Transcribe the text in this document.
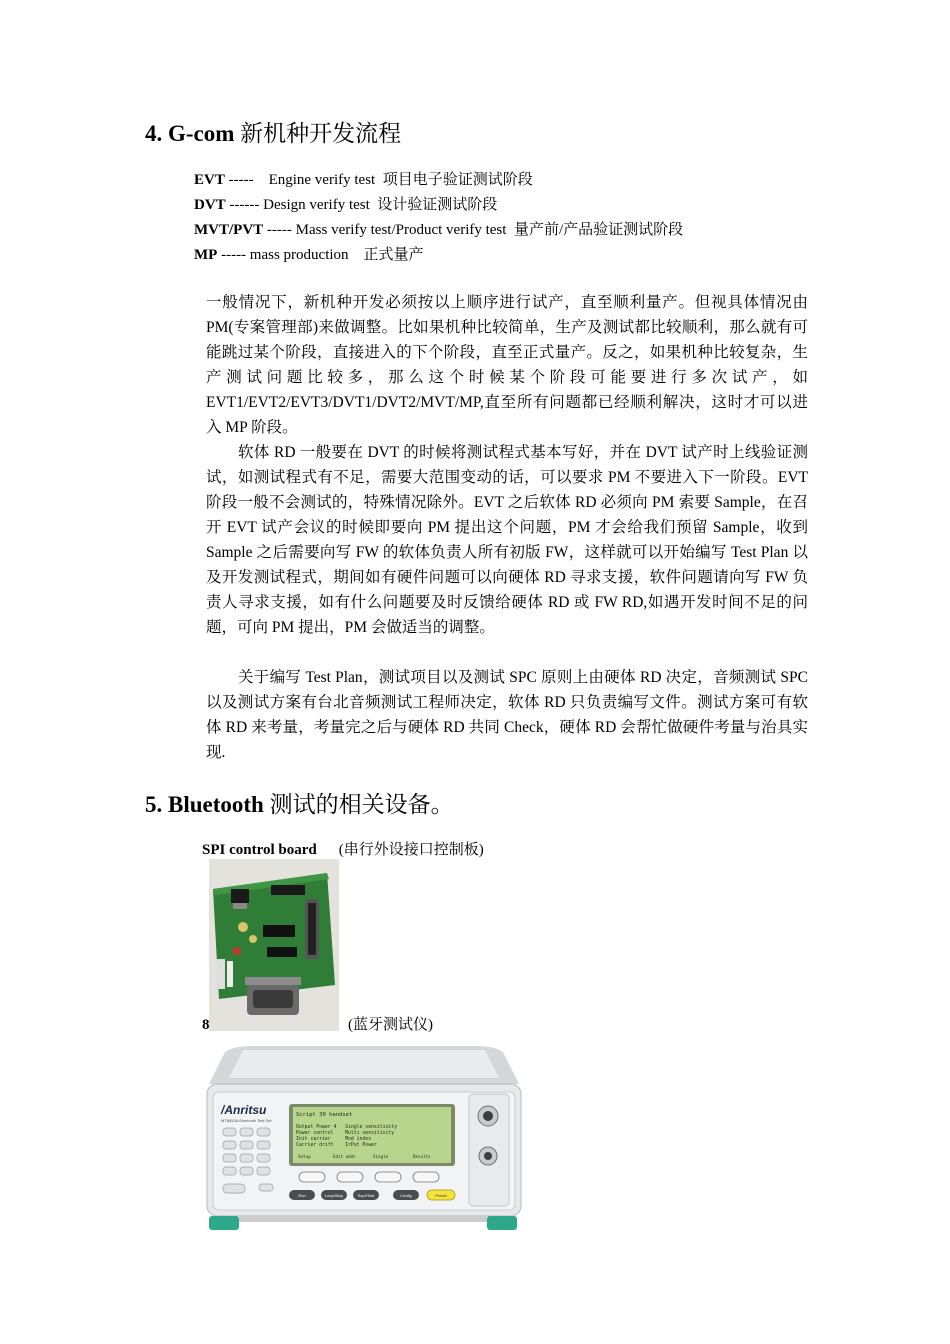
4. G-com 新机种开发流程
EVT -----    Engine verify test  项目电子验证测试阶段
DVT ------ Design verify test  设计验证测试阶段
MVT/PVT ----- Mass verify test/Product verify test  量产前/产品验证测试阶段
MP ----- mass production    正式量产

一般情况下，新机种开发必须按以上顺序进行试产，直至顺利量产。但视具体情况由 PM(专案管理部)来做调整。比如果机种比较简单，生产及测试都比较顺利，那么就有可能跳过某个阶段，直接进入的下个阶段，直至正式量产。反之，如果机种比较复杂，生产测试问题比较多，那么这个时候某个阶段可能要进行多次试产，如EVT1/EVT2/EVT3/DVT1/DVT2/MVT/MP,直至所有问题都已经顺利解决，这时才可以进入 MP 阶段。

软体 RD 一般要在 DVT 的时候将测试程式基本写好，并在 DVT 试产时上线验证测试，如测试程式有不足，需要大范围变动的话，可以要求 PM 不要进入下一阶段。EVT 阶段一般不会测试的，特殊情况除外。EVT 之后软体 RD 必须向 PM 索要 Sample，在召开 EVT 试产会议的时候即要向 PM 提出这个问题，PM 才会给我们预留 Sample，收到 Sample 之后需要向写 FW 的软体负责人所有初版 FW，这样就可以开始编写 Test Plan 以及开发测试程式，期间如有硬件问题可以向硬体 RD 寻求支援，软件问题请向写 FW 负责人寻求支援，如有什么问题要及时反馈给硬体 RD 或 FW RD,如遇开发时间不足的问题，可向 PM 提出，PM 会做适当的调整。

关于编写 Test Plan，测试项目以及测试 SPC 原则上由硬体 RD 决定，音频测试 SPC 以及测试方案有台北音频测试工程师决定，软体 RD 只负责编写文件。测试方案可有软体 RD 来考量，考量完之后与硬体 RD 共同 Check，硬体 RD 会帮忙做硬件考量与治具实现.

5. Bluetooth 测试的相关设备。
SPI control board (串行外设接口控制板)
8	(蓝牙测试仪)
/Anritsu
MT8852A Bluetooth Test Set
Script 30 handset
Output Power 4   Single sensitivity
Power control    Multi sensitivity
Init carrier     Mod index
Carrier drift    IrPut Power
Setup	Edit addr	Single	Results
Run	Loop/Stop	Scpt/Test	Config	Preset
